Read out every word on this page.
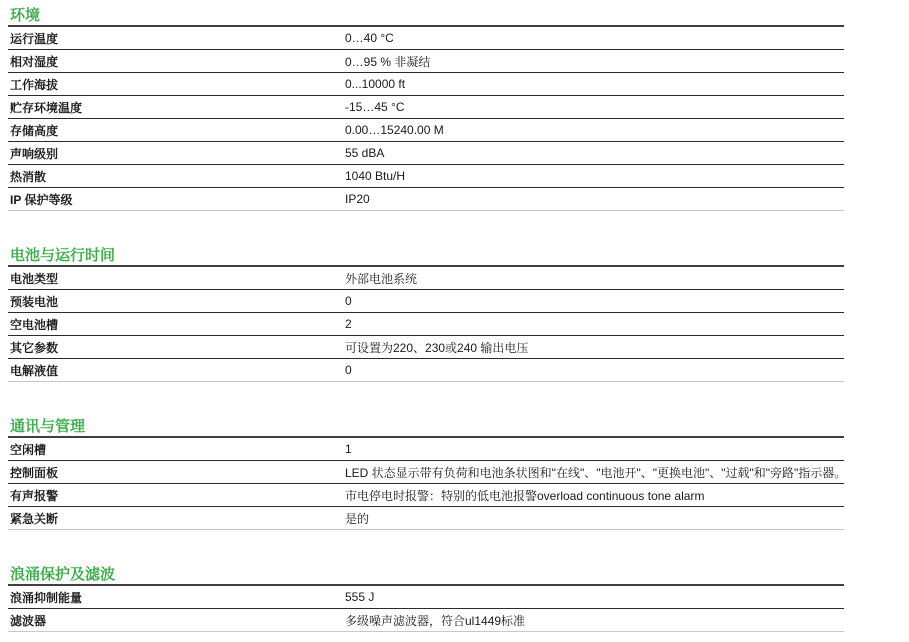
环境
运行温度	0…40 °C
相对湿度	0…95 % 非凝结
工作海拔	0...10000 ft
贮存环境温度	-15…45 °C
存储高度	0.00…15240.00 M
声响级别	55 dBA
热消散	1040 Btu/H
IP 保护等级	IP20
电池与运行时间
电池类型	外部电池系统
预装电池	0
空电池槽	2
其它参数	可设置为220、230或240 输出电压
电解液值	0
通讯与管理
空闲槽	1
控制面板	LED 状态显示带有负荷和电池条状图和"在线"、"电池开"、"更换电池"、"过载"和"旁路"指示器。
有声报警	市电停电时报警：特别的低电池报警overload continuous tone alarm
紧急关断	是的
浪涌保护及滤波
浪涌抑制能量	555 J
滤波器	多级噪声滤波器，符合ul1449标准
